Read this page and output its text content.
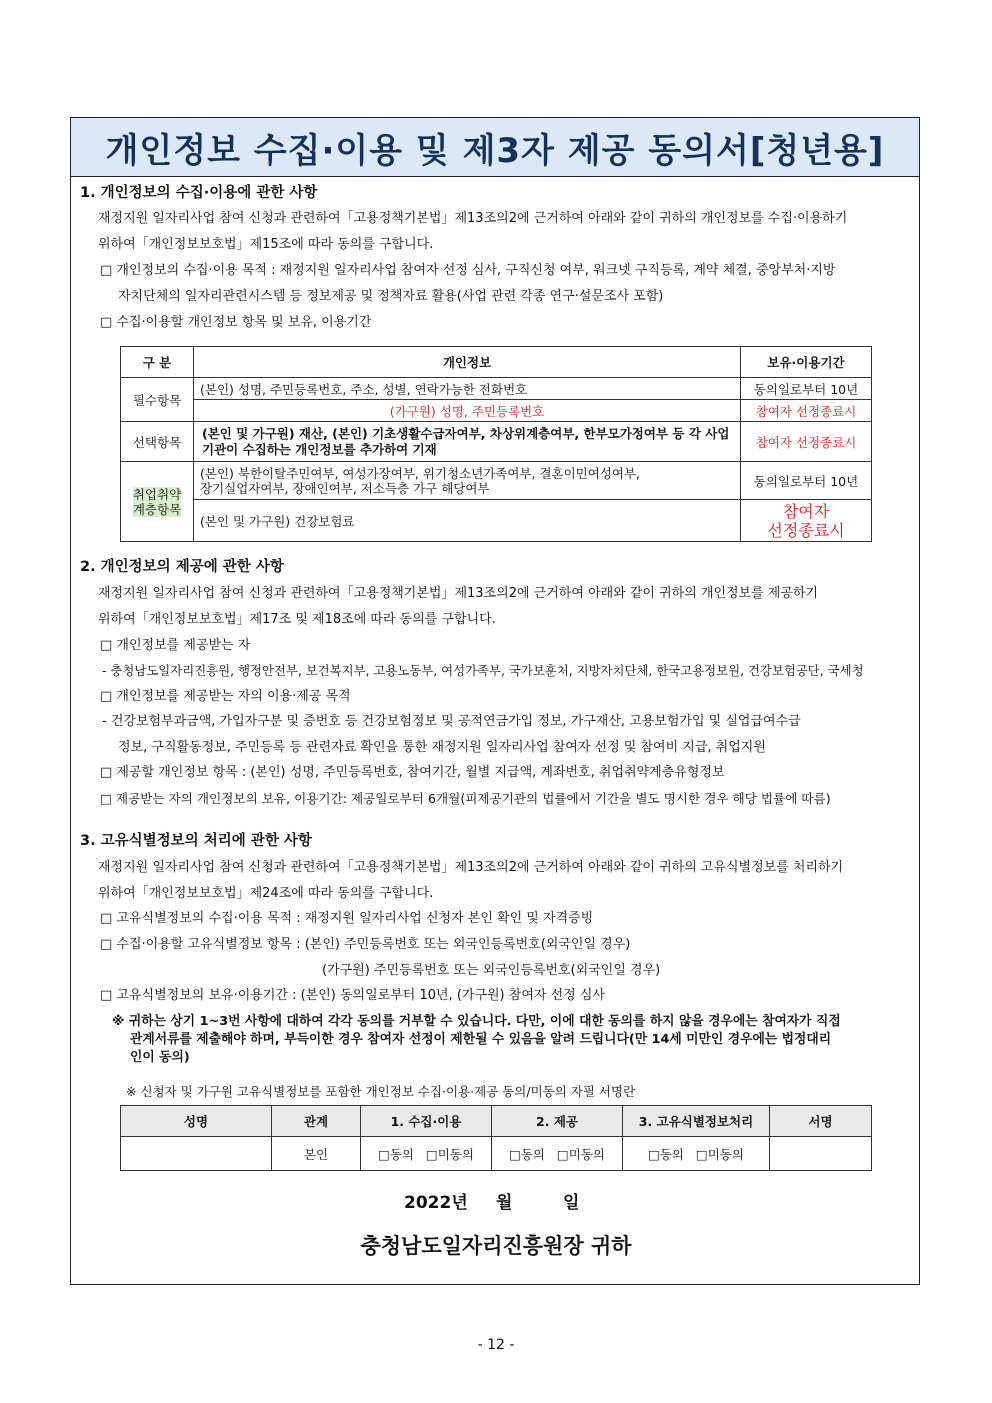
개인정보 수집·이용 및 제3자 제공 동의서[청년용]
1. 개인정보의 수집·이용에 관한 사항
재정지원 일자리사업 참여 신청과 관련하여「고용정책기본법」제13조의2에 근거하여 아래와 같이 귀하의 개인정보를 수집·이용하기
위하여「개인정보보호법」제15조에 따라 동의를 구합니다.
□ 개인정보의 수집·이용 목적 : 재정지원 일자리사업 참여자 선정 심사, 구직신청 여부, 워크넷 구직등록, 계약 체결, 중앙부처·지방
자치단체의 일자리관련시스템 등 정보제공 및 정책자료 활용(사업 관련 각종 연구·설문조사 포함)
□ 수집·이용할 개인정보 항목 및 보유, 이용기간
구 분	개인정보	보유·이용기간
필수항목	(본인) 성명, 주민등록번호, 주소, 성별, 연락가능한 전화번호	동의일로부터 10년
	(가구원) 성명, 주민등록번호	참여자 선정종료시
선택항목	(본인 및 가구원) 재산, (본인) 기초생활수급자여부, 차상위계층여부, 한부모가정여부 등 각 사업기관이 수집하는 개인정보를 추가하여 기재	참여자 선정종료시
취업취약
계층항목	(본인) 북한이탈주민여부, 여성가장여부, 위기청소년가족여부, 결혼이민여성여부,
장기실업자여부, 장애인여부, 저소득층 가구 해당여부	동의일로부터 10년
	(본인 및 가구원) 건강보험료	참여자
선정종료시
2. 개인정보의 제공에 관한 사항
재정지원 일자리사업 참여 신청과 관련하여「고용정책기본법」제13조의2에 근거하여 아래와 같이 귀하의 개인정보를 제공하기
위하여「개인정보보호법」제17조 및 제18조에 따라 동의를 구합니다.
□ 개인정보를 제공받는 자
- 충청남도일자리진흥원, 행정안전부, 보건복지부, 고용노동부, 여성가족부, 국가보훈처, 지방자치단체, 한국고용정보원, 건강보험공단, 국세청
□ 개인정보를 제공받는 자의 이용·제공 목적
- 건강보험부과금액, 가입자구분 및 증번호 등 건강보험정보 및 공적연금가입 정보, 가구재산, 고용보험가입 및 실업급여수급
정보, 구직활동정보, 주민등록 등 관련자료 확인을 통한 재정지원 일자리사업 참여자 선정 및 참여비 지급, 취업지원
□ 제공할 개인정보 항목 : (본인) 성명, 주민등록번호, 참여기간, 월별 지급액, 계좌번호, 취업취약계층유형정보
□ 제공받는 자의 개인정보의 보유, 이용기간: 제공일로부터 6개월(피제공기관의 법률에서 기간을 별도 명시한 경우 해당 법률에 따름)
3. 고유식별정보의 처리에 관한 사항
재정지원 일자리사업 참여 신청과 관련하여「고용정책기본법」제13조의2에 근거하여 아래와 같이 귀하의 고유식별정보를 처리하기
위하여「개인정보보호법」제24조에 따라 동의를 구합니다.
□ 고유식별정보의 수집·이용 목적 : 재정지원 일자리사업 신청자 본인 확인 및 자격증빙
□ 수집·이용할 고유식별정보 항목 : (본인) 주민등록번호 또는 외국인등록번호(외국인일 경우)
(가구원) 주민등록번호 또는 외국인등록번호(외국인일 경우)
□ 고유식별정보의 보유·이용기간 : (본인) 동의일로부터 10년, (가구원) 참여자 선정 심사
※ 귀하는 상기 1~3번 사항에 대하여 각각 동의를 거부할 수 있습니다. 다만, 이에 대한 동의를 하지 않을 경우에는 참여자가 직접
관계서류를 제출해야 하며, 부득이한 경우 참여자 선정이 제한될 수 있음을 알려 드립니다(만 14세 미만인 경우에는 법정대리
인이 동의)
※ 신청자 및 가구원 고유식별정보를 포함한 개인정보 수집·이용·제공 동의/미동의 자필 서명란
성명	관계	1. 수집·이용	2. 제공	3. 고유식별정보처리	서명
	본인	□동의 □미동의	□동의 □미동의	□동의 □미동의	
2022년 월	일
충청남도일자리진흥원장 귀하
- 12 -
